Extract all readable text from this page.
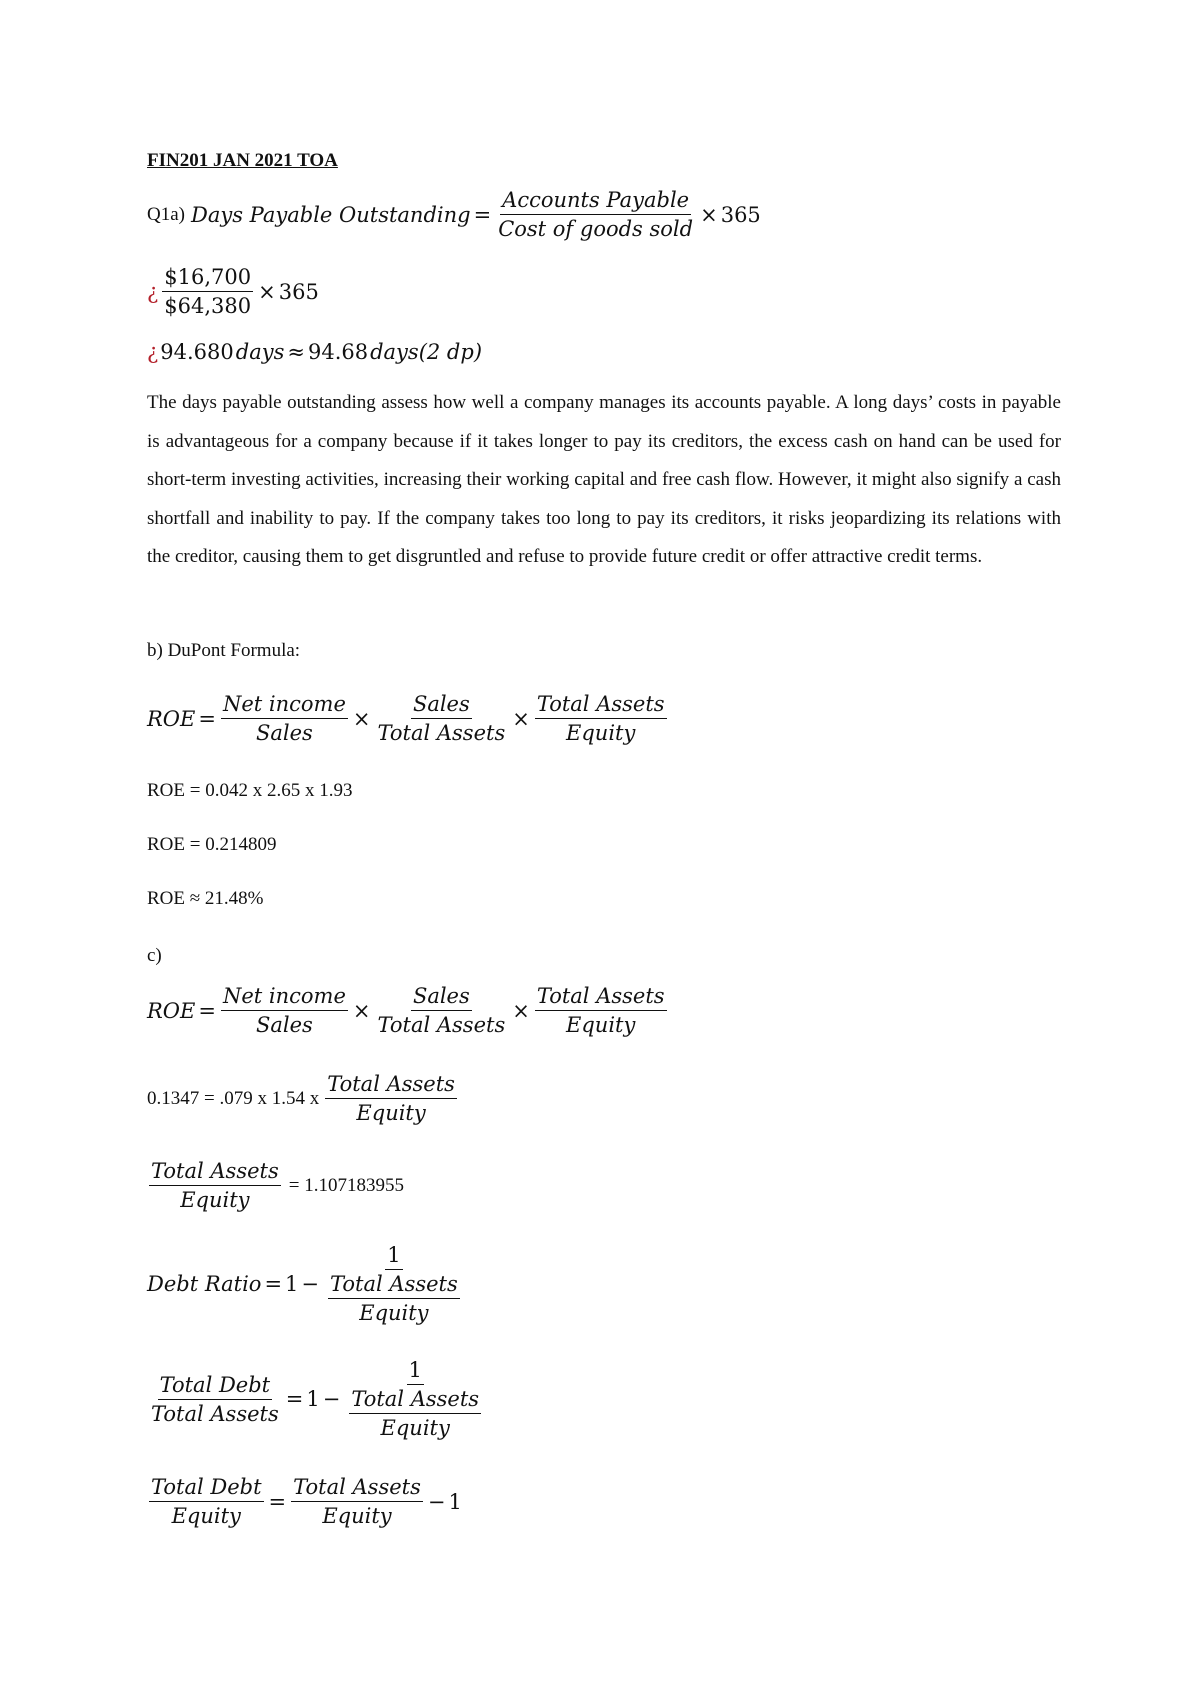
FIN201 JAN 2021 TOA
Q1a) Days Payable Outstanding = $\frac{\text{Accounts Payable}}{\text{Cost of goods sold}} \times 365$
¿ $\frac{\$16,700}{\$64,380} \times 365$
¿ 94.680 days ≈ 94.68 days (2 dp)
The days payable outstanding assess how well a company manages its accounts payable. A long days’ costs in payable is advantageous for a company because if it takes longer to pay its creditors, the excess cash on hand can be used for short-term investing activities, increasing their working capital and free cash flow. However, it might also signify a cash shortfall and inability to pay. If the company takes too long to pay its creditors, it risks jeopardizing its relations with the creditor, causing them to get disgruntled and refuse to provide future credit or offer attractive credit terms.
b) DuPont Formula:
ROE = $\frac{\text{Net income}}{\text{Sales}} \times \frac{\text{Sales}}{\text{Total Assets}} \times \frac{\text{Total Assets}}{\text{Equity}}$
ROE = 0.042 x 2.65 x 1.93
ROE = 0.214809
ROE ≈ 21.48%
c)
ROE = $\frac{\text{Net income}}{\text{Sales}} \times \frac{\text{Sales}}{\text{Total Assets}} \times \frac{\text{Total Assets}}{\text{Equity}}$
0.1347 = .079 x 1.54 x $\frac{\text{Total Assets}}{\text{Equity}}$
$\frac{\text{Total Assets}}{\text{Equity}} = 1.107183955$
Debt Ratio = $1 - \frac{1}{\frac{\text{Total Assets}}{\text{Equity}}}$
$\frac{\text{Total Debt}}{\text{Total Assets}} = 1 - \frac{1}{\frac{\text{Total Assets}}{\text{Equity}}}$
$\frac{\text{Total Debt}}{\text{Equity}} = \frac{\text{Total Assets}}{\text{Equity}} - 1$
